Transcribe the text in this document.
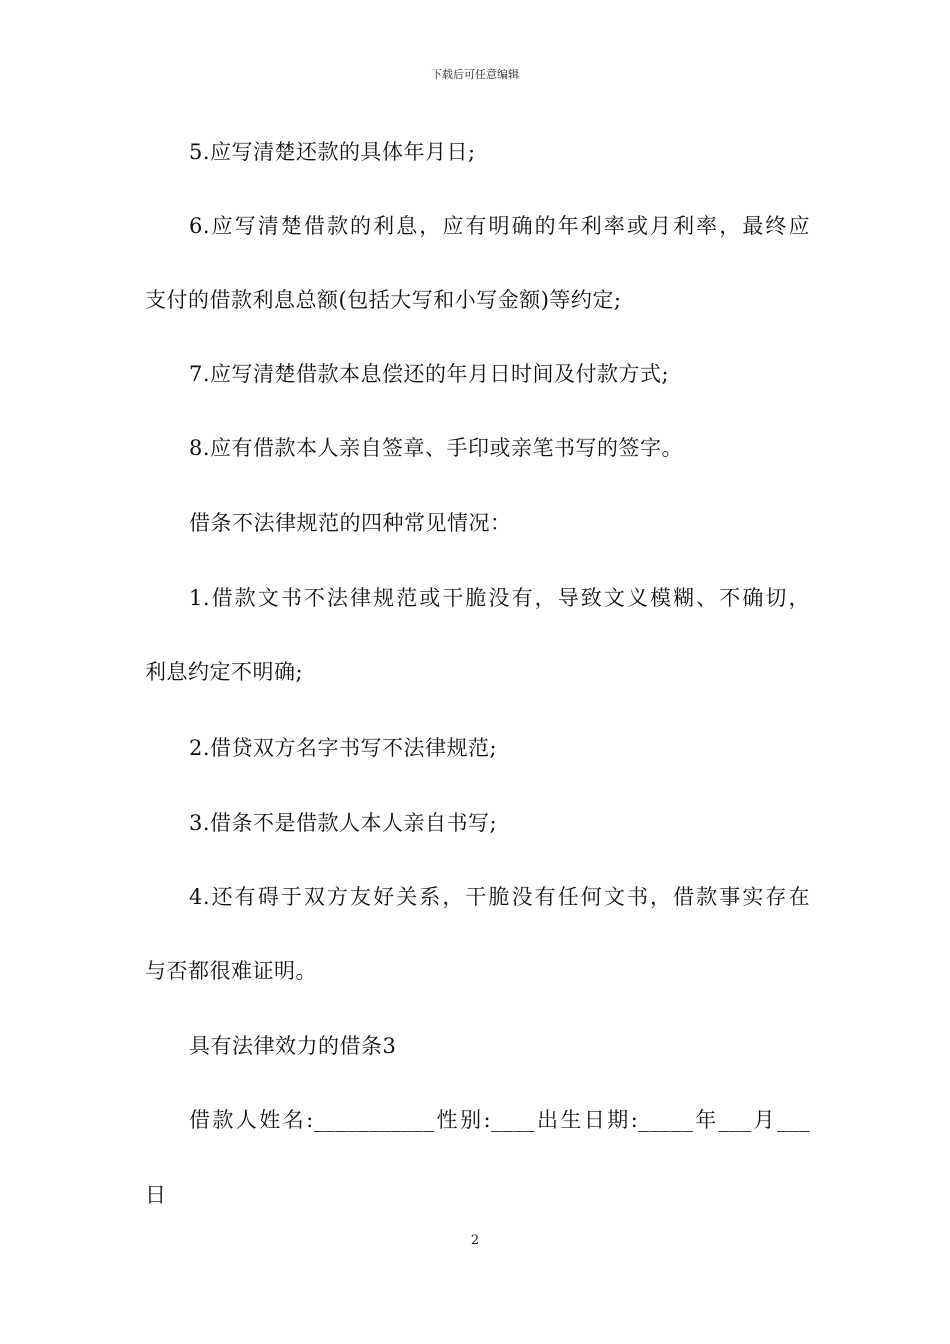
下载后可任意编辑
5.应写清楚还款的具体年月日;
6.应写清楚借款的利息，应有明确的年利率或月利率，最终应
支付的借款利息总额(包括大写和小写金额)等约定;
7.应写清楚借款本息偿还的年月日时间及付款方式;
8.应有借款本人亲自签章、手印或亲笔书写的签字。
借条不法律规范的四种常见情况：
1.借款文书不法律规范或干脆没有，导致文义模糊、不确切，
利息约定不明确;
2.借贷双方名字书写不法律规范;
3.借条不是借款人本人亲自书写;
4.还有碍于双方友好关系，干脆没有任何文书，借款事实存在
与否都很难证明。
具有法律效力的借条3
借款人姓名:___________性别:____出生日期:_____年___月___
日
2
